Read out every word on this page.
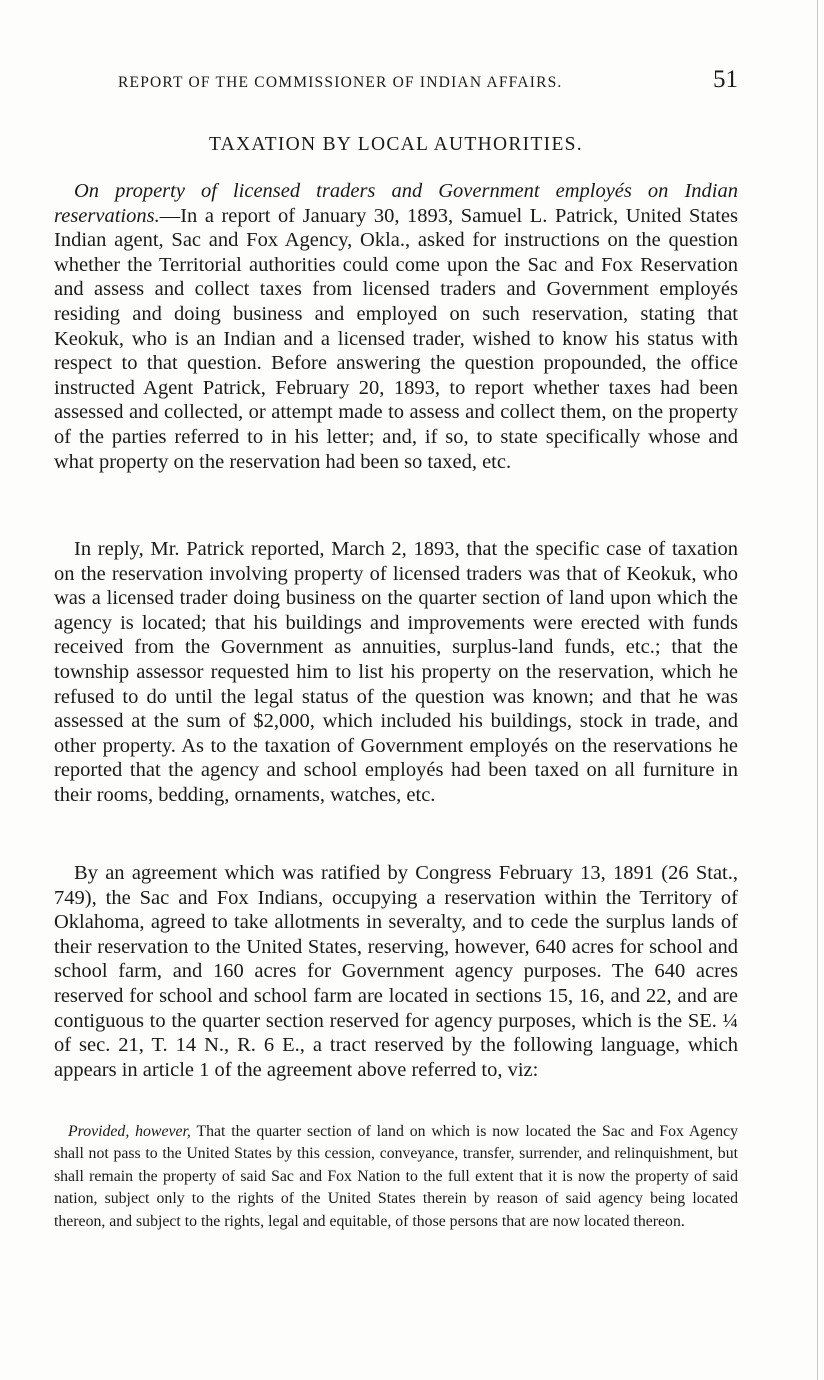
REPORT OF THE COMMISSIONER OF INDIAN AFFAIRS.	51
TAXATION BY LOCAL AUTHORITIES.

On property of licensed traders and Government employés on Indian reservations.—In a report of January 30, 1893, Samuel L. Patrick, United States Indian agent, Sac and Fox Agency, Okla., asked for instructions on the question whether the Territorial authorities could come upon the Sac and Fox Reservation and assess and collect taxes from licensed traders and Government employés residing and doing business and employed on such reservation, stating that Keokuk, who is an Indian and a licensed trader, wished to know his status with respect to that question. Before answering the question propounded, the office instructed Agent Patrick, February 20, 1893, to report whether taxes had been assessed and collected, or attempt made to assess and collect them, on the property of the parties referred to in his letter; and, if so, to state specifically whose and what property on the reservation had been so taxed, etc.

In reply, Mr. Patrick reported, March 2, 1893, that the specific case of taxation on the reservation involving property of licensed traders was that of Keokuk, who was a licensed trader doing business on the quarter section of land upon which the agency is located; that his buildings and improvements were erected with funds received from the Government as annuities, surplus-land funds, etc.; that the township assessor requested him to list his property on the reservation, which he refused to do until the legal status of the question was known; and that he was assessed at the sum of $2,000, which included his buildings, stock in trade, and other property. As to the taxation of Government employés on the reservations he reported that the agency and school employés had been taxed on all furniture in their rooms, bedding, ornaments, watches, etc.

By an agreement which was ratified by Congress February 13, 1891 (26 Stat., 749), the Sac and Fox Indians, occupying a reservation within the Territory of Oklahoma, agreed to take allotments in severalty, and to cede the surplus lands of their reservation to the United States, reserving, however, 640 acres for school and school farm, and 160 acres for Government agency purposes. The 640 acres reserved for school and school farm are located in sections 15, 16, and 22, and are contiguous to the quarter section reserved for agency purposes, which is the SE. ¼ of sec. 21, T. 14 N., R. 6 E., a tract reserved by the following language, which appears in article 1 of the agreement above referred to, viz:

Provided, however, That the quarter section of land on which is now located the Sac and Fox Agency shall not pass to the United States by this cession, conveyance, transfer, surrender, and relinquishment, but shall remain the property of said Sac and Fox Nation to the full extent that it is now the property of said nation, subject only to the rights of the United States therein by reason of said agency being located thereon, and subject to the rights, legal and equitable, of those persons that are now located thereon.
